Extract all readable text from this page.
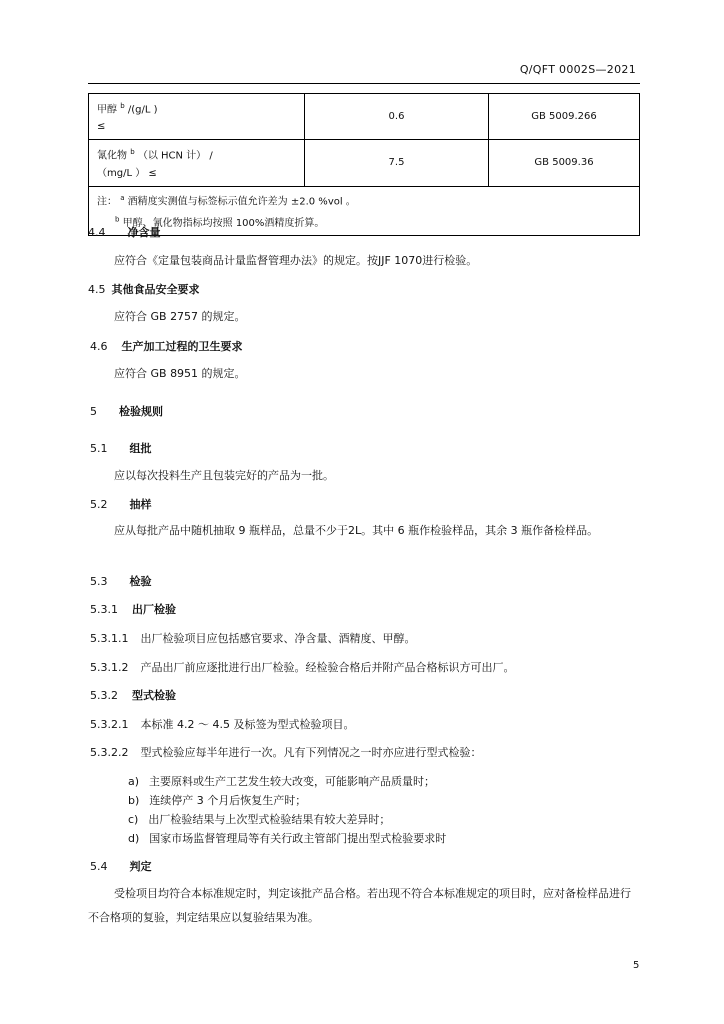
Q/QFT 0002S—2021
甲醇 $^b$ /(g/L )
≤	0.6	GB 5009.266
氰化物 $^b$ （以 HCN 计） /
（mg/L ） ≤	7.5	GB 5009.36
注： $^a$ 酒精度实测值与标签标示值允许差为 ±2.0 %vol 。
$^b$ 甲醇、氰化物指标均按照 100%酒精度折算。		
4.4 净含量
应符合《定量包装商品计量监督管理办法》的规定。按JJF 1070进行检验。
4.5 其他食品安全要求
应符合 GB 2757 的规定。
4.6 生产加工过程的卫生要求
应符合 GB 8951 的规定。
5 检验规则
5.1 组批
应以每次投料生产且包装完好的产品为一批。
5.2 抽样
应从每批产品中随机抽取 9 瓶样品，总量不少于2L。其中 6 瓶作检验样品，其余 3 瓶作备检样品。
5.3 检验
5.3.1 出厂检验
5.3.1.1 出厂检验项目应包括感官要求、净含量、酒精度、甲醇。
5.3.1.2 产品出厂前应逐批进行出厂检验。经检验合格后并附产品合格标识方可出厂。
5.3.2 型式检验
5.3.2.1 本标准 4.2 ～ 4.5 及标签为型式检验项目。
5.3.2.2 型式检验应每半年进行一次。凡有下列情况之一时亦应进行型式检验：
a) 主要原料或生产工艺发生较大改变，可能影响产品质量时；
b) 连续停产 3 个月后恢复生产时；
c) 出厂检验结果与上次型式检验结果有较大差异时；
d) 国家市场监督管理局等有关行政主管部门提出型式检验要求时
5.4 判定
受检项目均符合本标准规定时，判定该批产品合格。若出现不符合本标准规定的项目时，应对备检样品进行不合格项的复验，判定结果应以复验结果为准。
5
